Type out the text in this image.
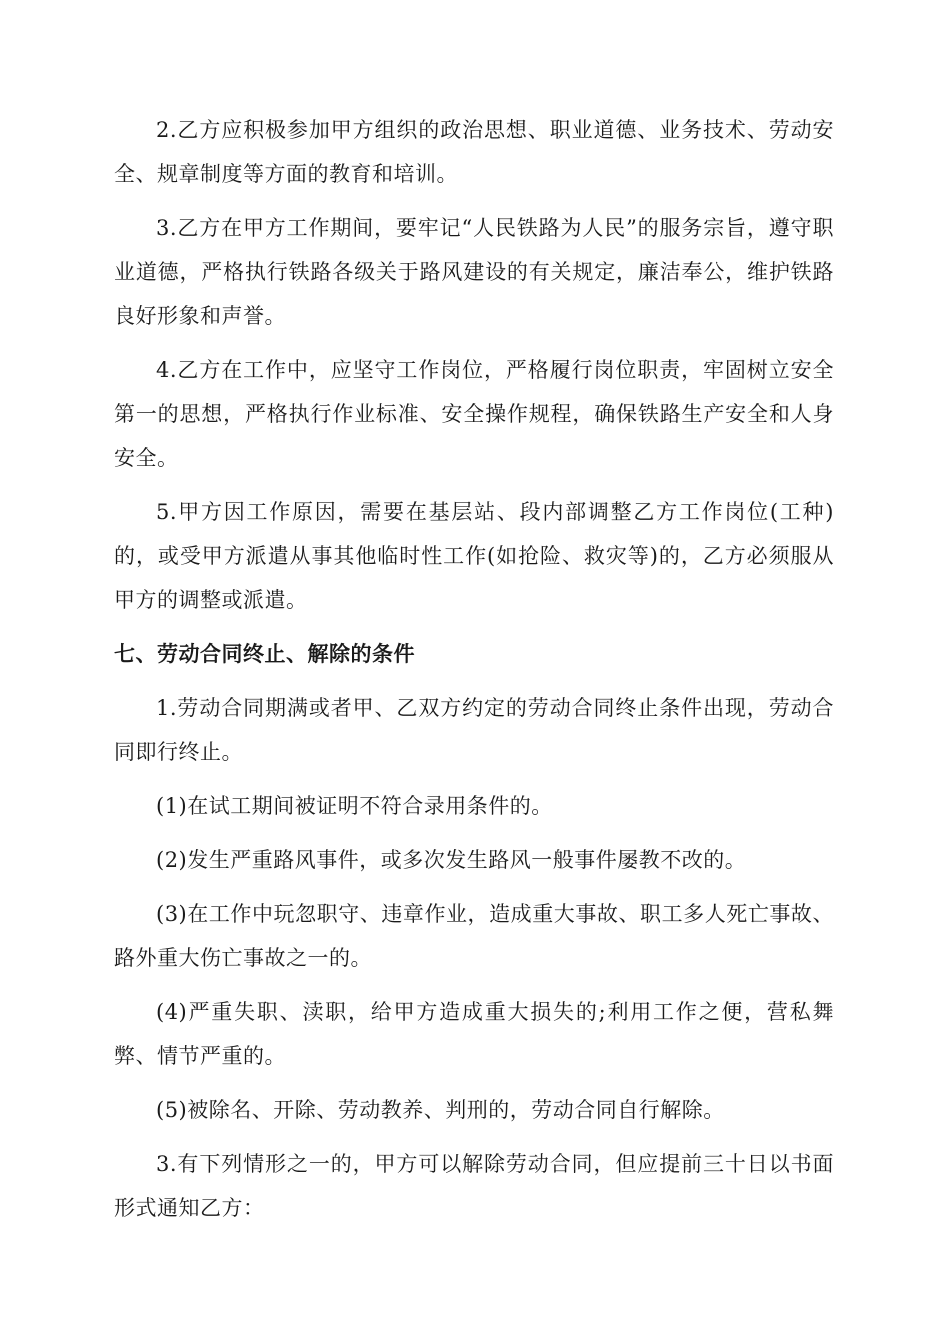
2.乙方应积极参加甲方组织的政治思想、职业道德、业务技术、劳动安全、规章制度等方面的教育和培训。

3.乙方在甲方工作期间，要牢记“人民铁路为人民”的服务宗旨，遵守职业道德，严格执行铁路各级关于路风建设的有关规定，廉洁奉公，维护铁路良好形象和声誉。

4.乙方在工作中，应坚守工作岗位，严格履行岗位职责，牢固树立安全第一的思想，严格执行作业标准、安全操作规程，确保铁路生产安全和人身安全。

5.甲方因工作原因，需要在基层站、段内部调整乙方工作岗位(工种)的，或受甲方派遣从事其他临时性工作(如抢险、救灾等)的，乙方必须服从甲方的调整或派遣。

七、劳动合同终止、解除的条件

1.劳动合同期满或者甲、乙双方约定的劳动合同终止条件出现，劳动合同即行终止。

(1)在试工期间被证明不符合录用条件的。

(2)发生严重路风事件，或多次发生路风一般事件屡教不改的。

(3)在工作中玩忽职守、违章作业，造成重大事故、职工多人死亡事故、路外重大伤亡事故之一的。

(4)严重失职、渎职，给甲方造成重大损失的;利用工作之便，营私舞弊、情节严重的。

(5)被除名、开除、劳动教养、判刑的，劳动合同自行解除。

3.有下列情形之一的，甲方可以解除劳动合同，但应提前三十日以书面形式通知乙方：
